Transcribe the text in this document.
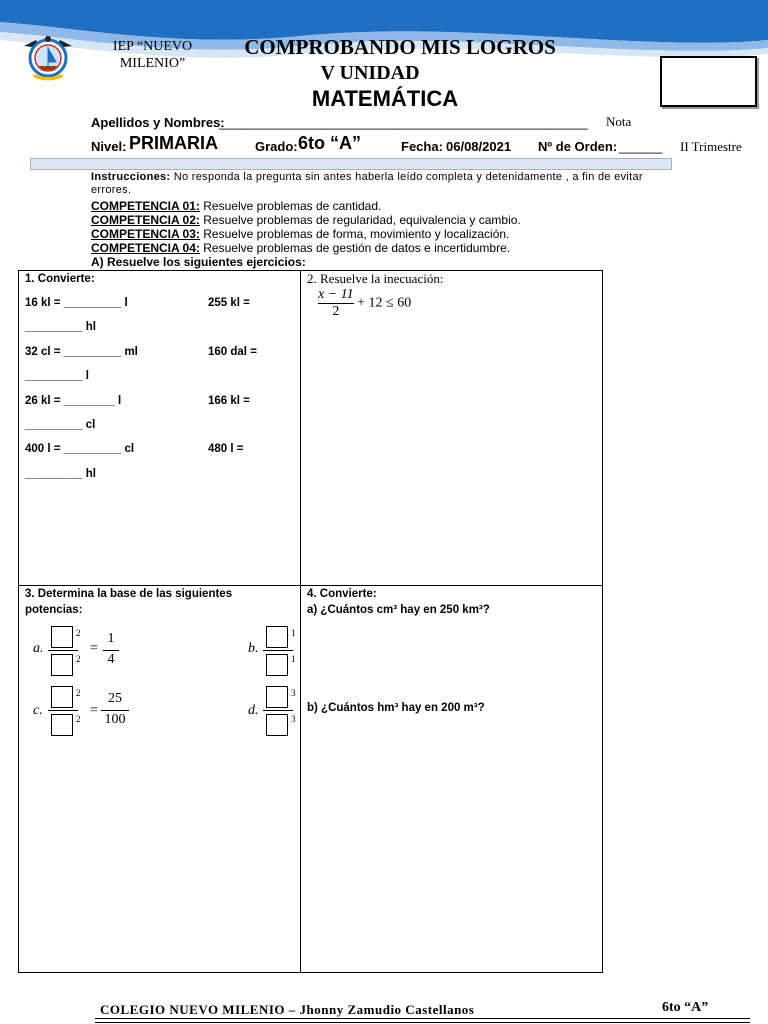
IEP “NUEVO
MILENIO”
COMPROBANDO MIS LOGROS
V UNIDAD
MATEMÁTICA
Nota
Apellidos y Nombres:
___________________________________________________
Nivel: PRIMARIA	Grado: 6to “A”	Fecha: 06/08/2021 Nº de Orden: ______ II Trimestre
Instrucciones: No responda la pregunta sin antes haberla leído completa y detenidamente , a fin de evitar errores.
COMPETENCIA 01: Resuelve problemas de cantidad.
COMPETENCIA 02: Resuelve problemas de regularidad, equivalencia y cambio.
COMPETENCIA 03: Resuelve problemas de forma, movimiento y localización.
COMPETENCIA 04: Resuelve problemas de gestión de datos e incertidumbre.
A) Resuelve los siguientes ejercicios:
1. Convierte:
16 kl = _________ l	255 kl =
_________ hl
32 cl = _________ ml	160 dal =
_________ l
26 kl = ________ l	166 kl =
_________ cl
400 l = _________ cl	480 l =
_________ hl
2. Resuelve la inecuación:
$\frac{x - 11}{2} + 12 \le 60$
3. Determina la base de las siguientes
potencias:
a.
2
2
=
1
4
b.
1
1
c.
2
2
=
25
100
d.
3
3
4. Convierte:
a) ¿Cuántos cm³ hay en 250 km³?
b) ¿Cuántos hm³ hay en 200 m³?
COLEGIO NUEVO MILENIO – Jhonny Zamudio Castellanos	6to “A”
